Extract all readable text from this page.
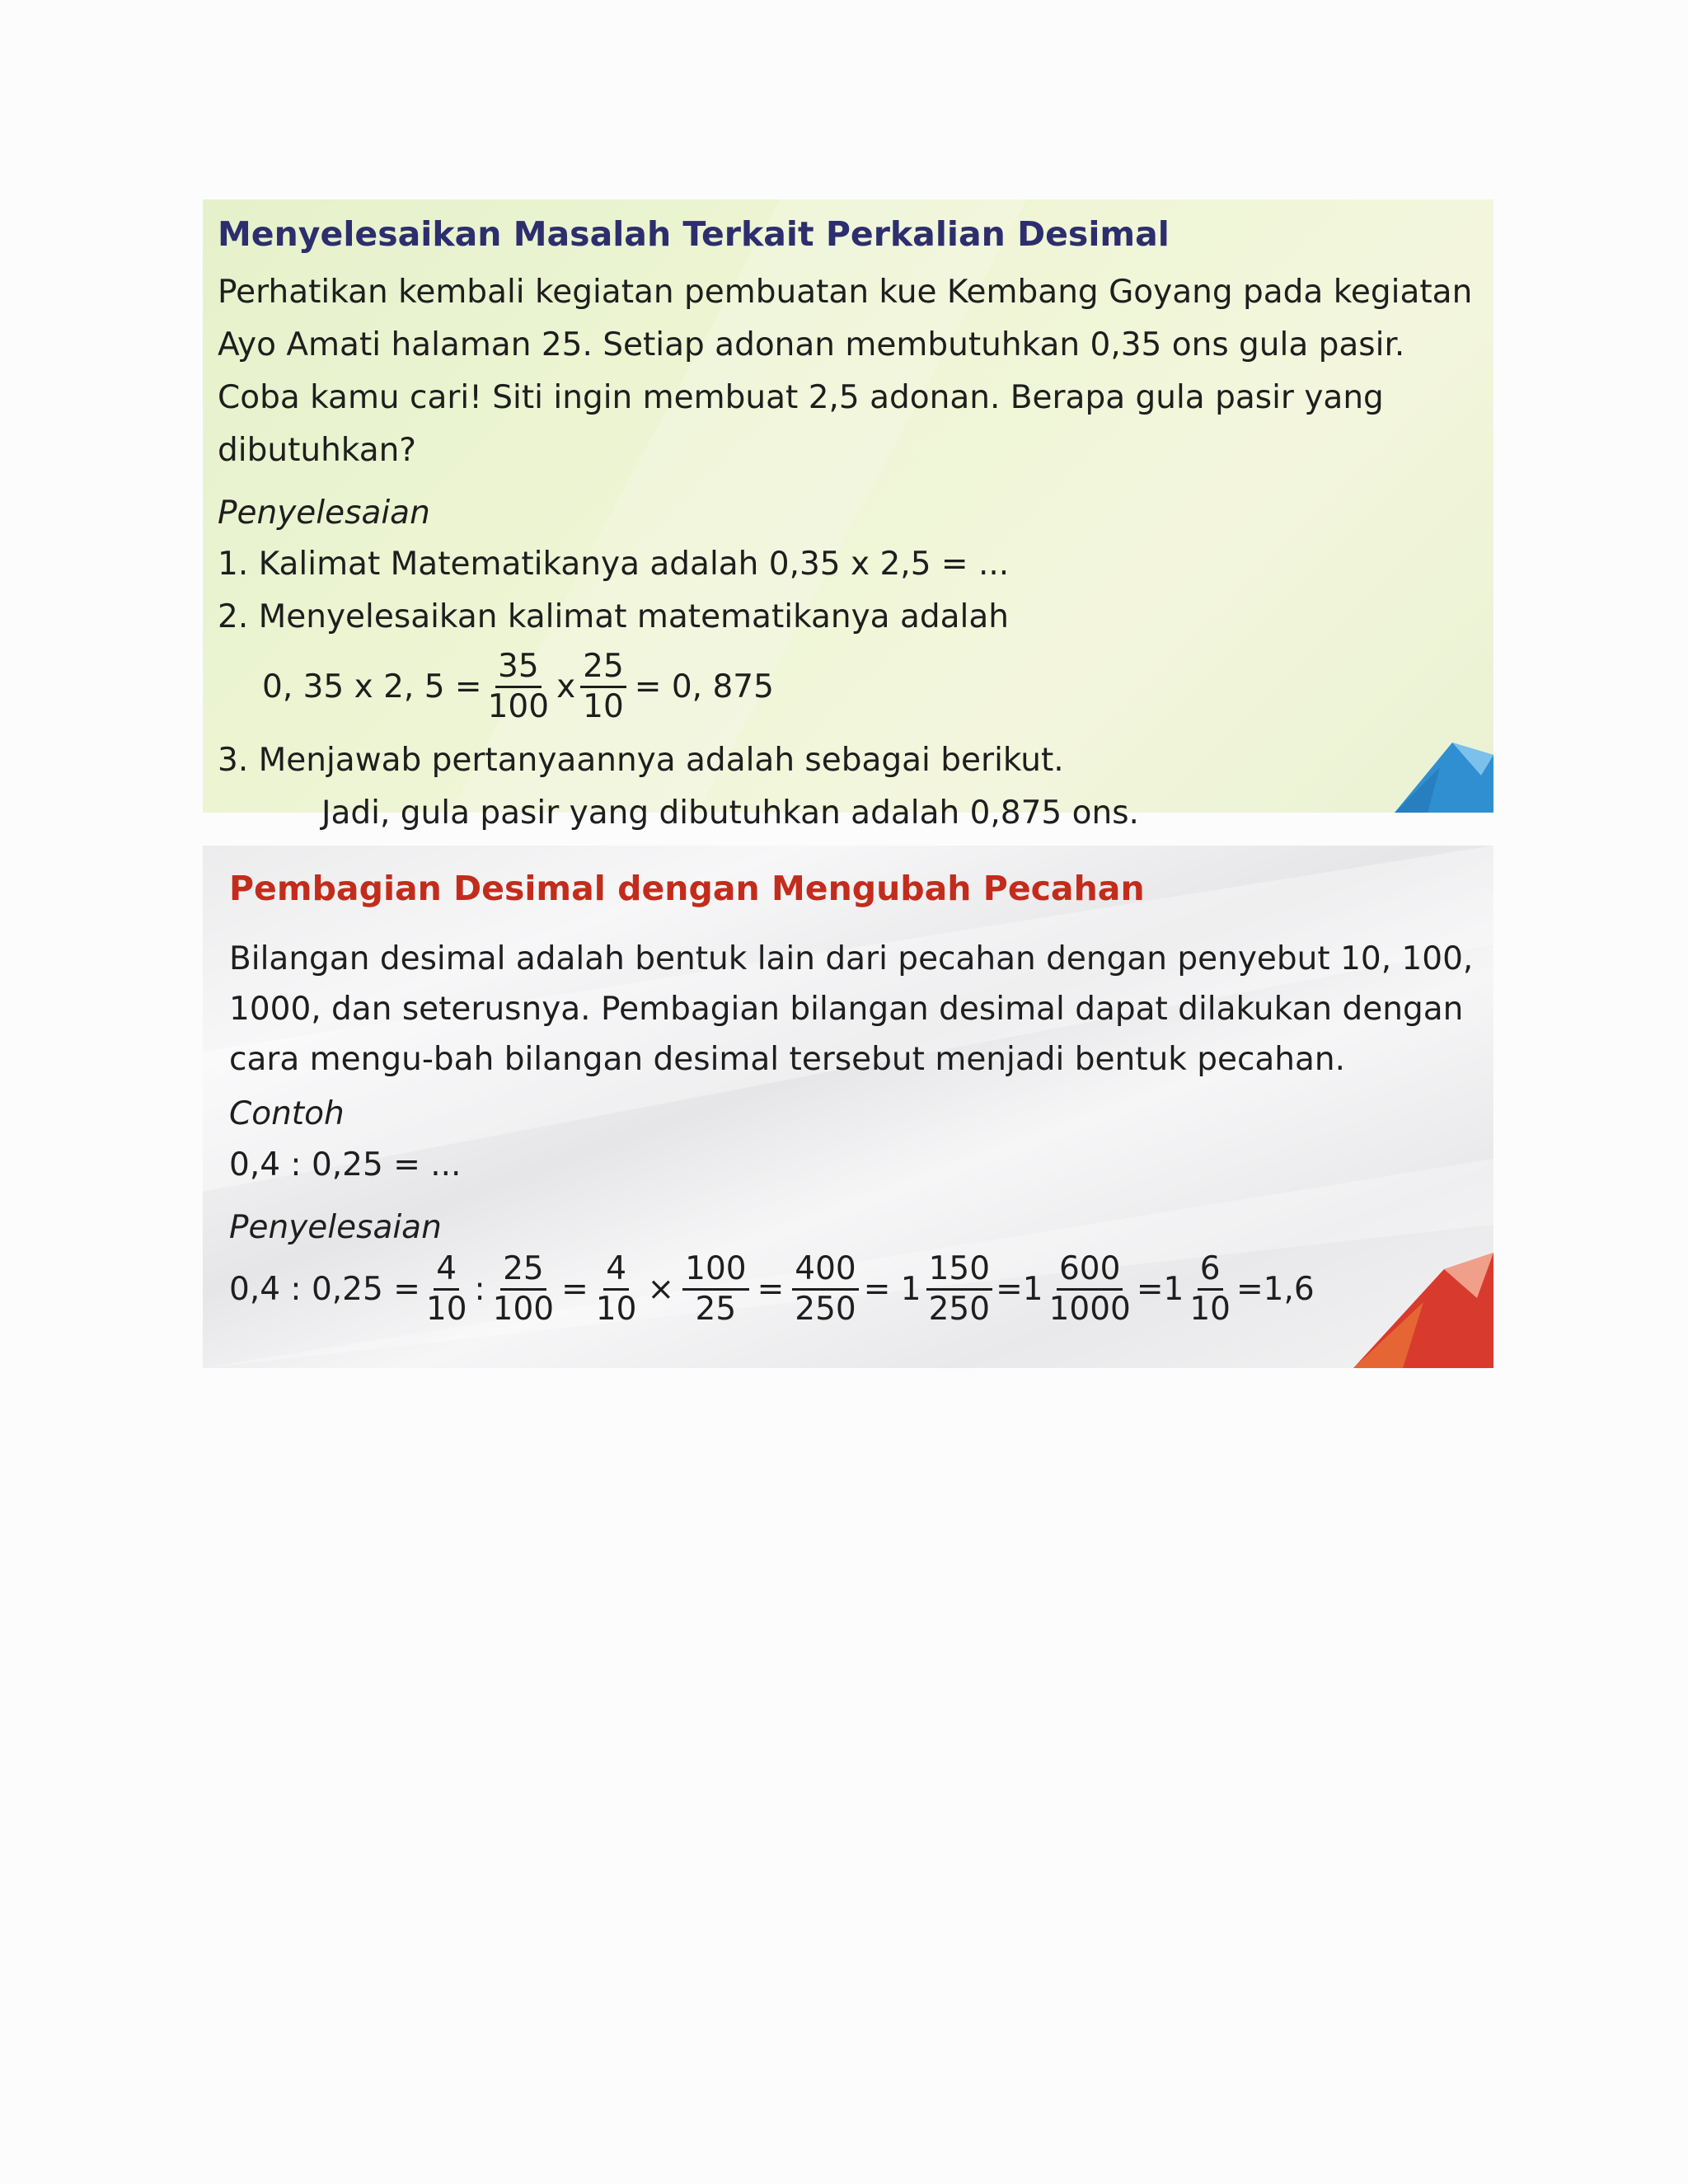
Menyelesaikan Masalah Terkait Perkalian Desimal
Perhatikan kembali kegiatan pembuatan kue Kembang Goyang pada kegiatan Ayo Amati halaman 25. Setiap adonan membutuhkan 0,35 ons gula pasir. Coba kamu cari! Siti ingin membuat 2,5 adonan. Berapa gula pasir yang dibutuhkan?
Penyelesaian
1. Kalimat Matematikanya adalah 0,35 x 2,5 = ...
2. Menyelesaikan kalimat matematikanya adalah
0, 35 x 2, $5 = \frac{35}{100}$ x $\frac{25}{10} = 0$, 875
3. Menjawab pertanyaannya adalah sebagai berikut.
Jadi, gula pasir yang dibutuhkan adalah 0,875 ons.
Pembagian Desimal dengan Mengubah Pecahan
Bilangan desimal adalah bentuk lain dari pecahan dengan penyebut 10, 100, 1000, dan seterusnya. Pembagian bilangan desimal dapat dilakukan dengan cara mengu-bah bilangan desimal tersebut menjadi bentuk pecahan.
Contoh
0,4 : 0,25 = ...
Penyelesaian
0,4 : $0,25 = \frac{4}{10}$ : $\frac{25}{100} = \frac{4}{10} \times \frac{100}{25} = \frac{400}{250} = 1 \frac{150}{250} =1 \frac{600}{1000} =1 \frac{6}{10} =1,6$
